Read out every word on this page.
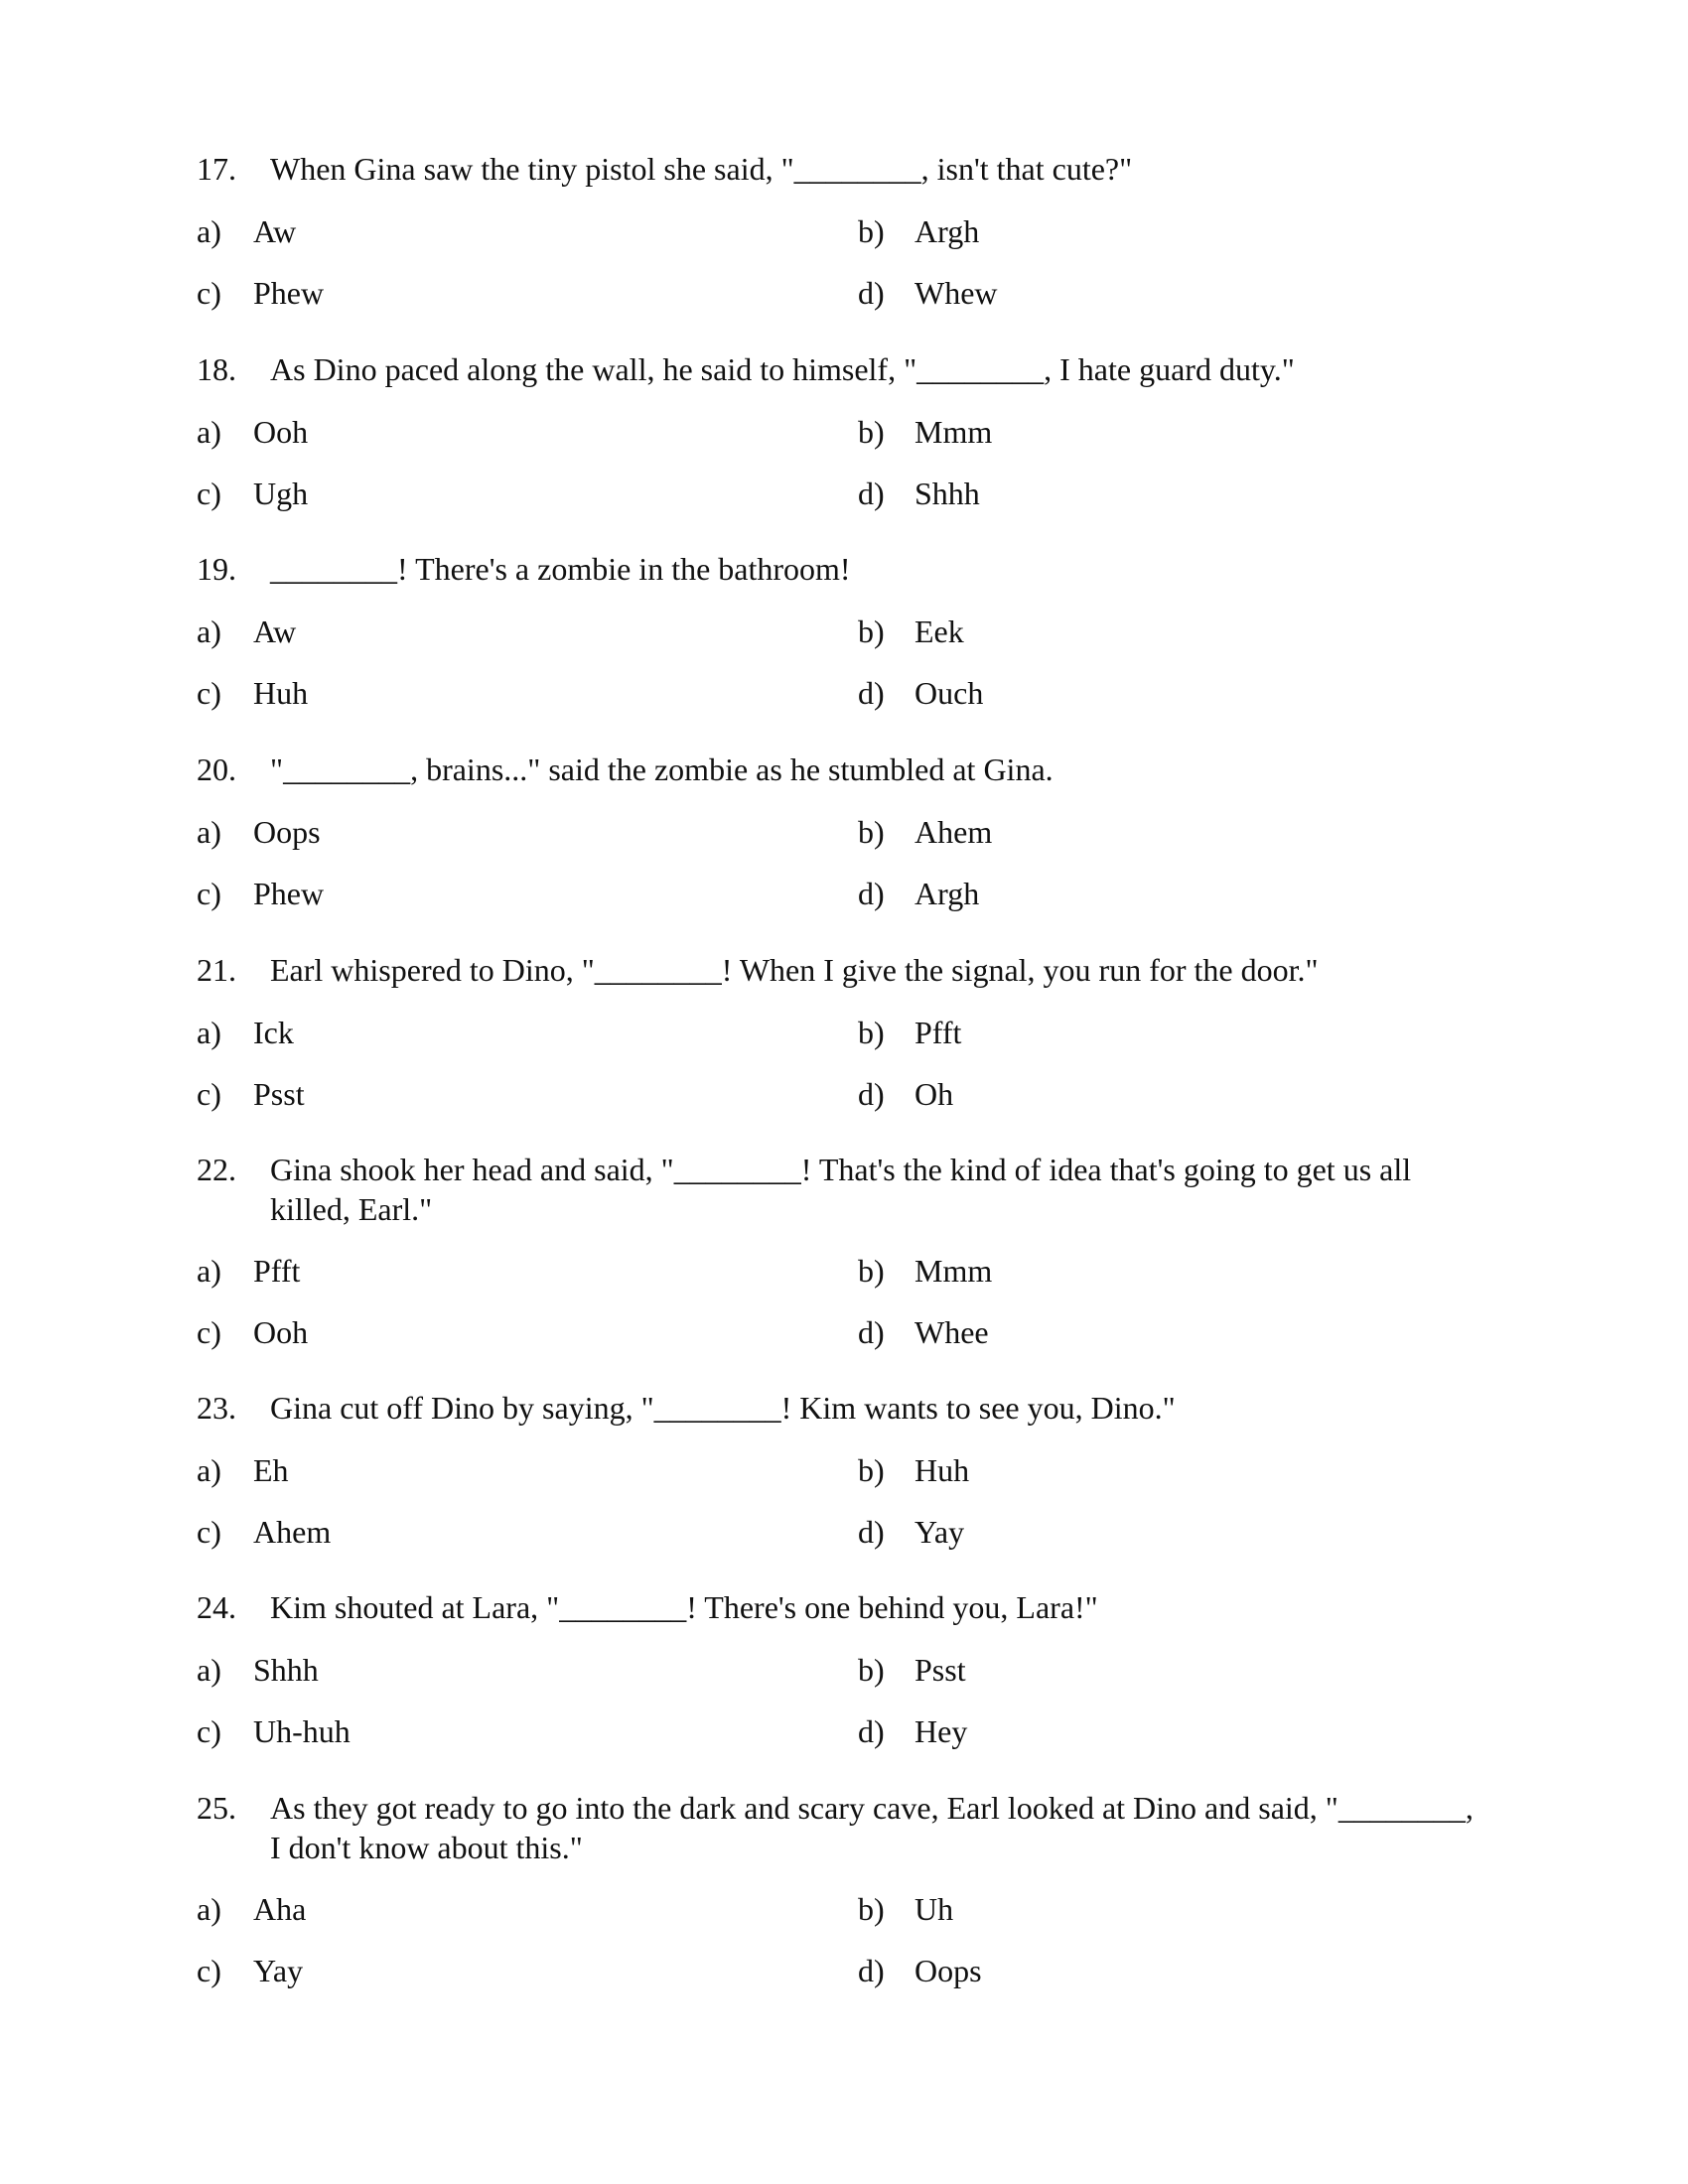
17. When Gina saw the tiny pistol she said, "________, isn't that cute?"
a) Aw	b) Argh
c) Phew	d) Whew
18. As Dino paced along the wall, he said to himself, "________, I hate guard duty."
a) Ooh	b) Mmm
c) Ugh	d) Shhh
19. ________! There's a zombie in the bathroom!
a) Aw	b) Eek
c) Huh	d) Ouch
20. "________, brains..." said the zombie as he stumbled at Gina.
a) Oops	b) Ahem
c) Phew	d) Argh
21. Earl whispered to Dino, "________! When I give the signal, you run for the door."
a) Ick	b) Pfft
c) Psst	d) Oh
22. Gina shook her head and said, "________! That's the kind of idea that's going to get us all killed, Earl."
a) Pfft	b) Mmm
c) Ooh	d) Whee
23. Gina cut off Dino by saying, "________! Kim wants to see you, Dino."
a) Eh	b) Huh
c) Ahem	d) Yay
24. Kim shouted at Lara, "________! There's one behind you, Lara!"
a) Shhh	b) Psst
c) Uh-huh	d) Hey
25. As they got ready to go into the dark and scary cave, Earl looked at Dino and said, "________, I don't know about this."
a) Aha	b) Uh
c) Yay	d) Oops
